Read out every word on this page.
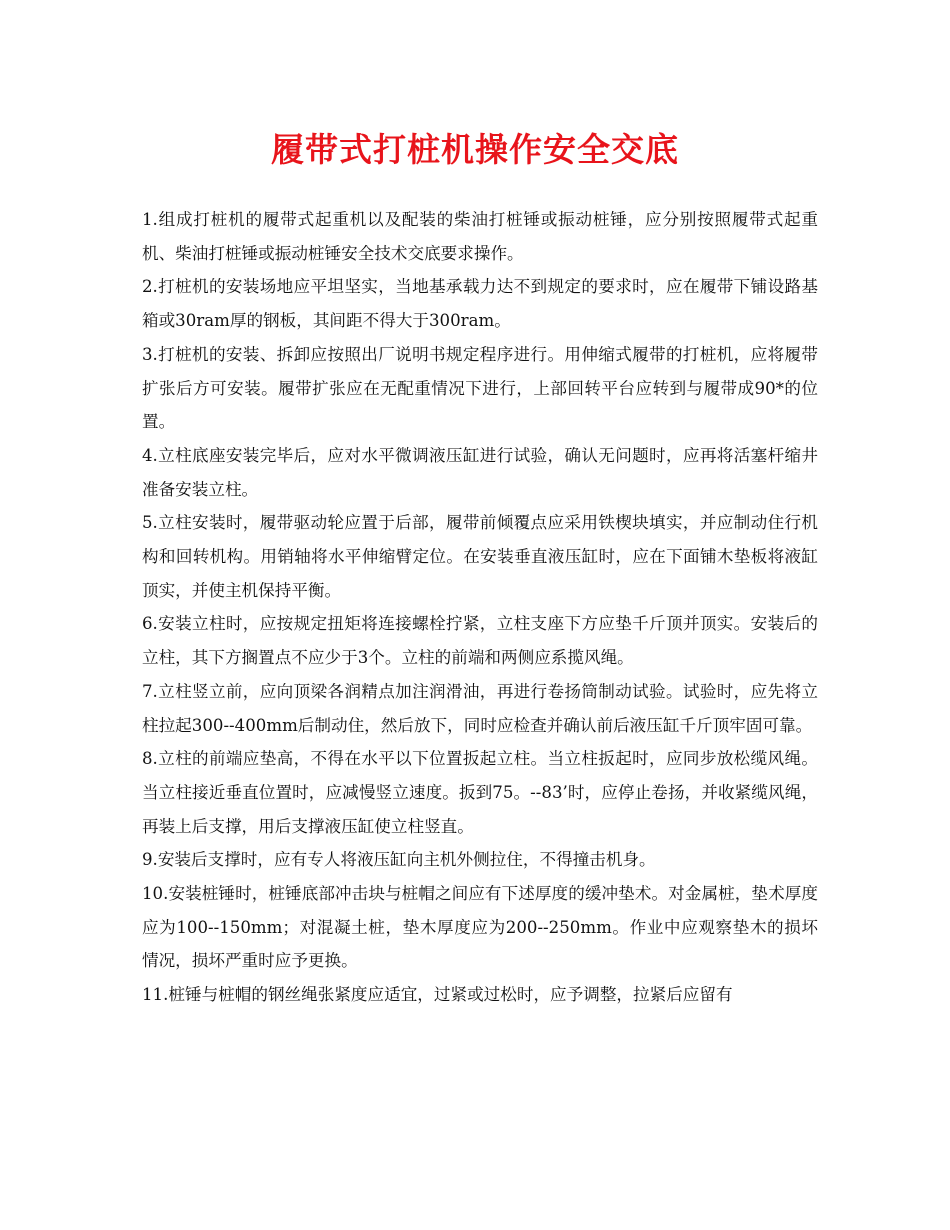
履带式打桩机操作安全交底

1.组成打桩机的履带式起重机以及配装的柴油打桩锤或振动桩锤，应分别按照履带式起重机、柴油打桩锤或振动桩锤安全技术交底要求操作。

2.打桩机的安装场地应平坦坚实，当地基承载力达不到规定的要求时，应在履带下铺设路基箱或30ram厚的钢板，其间距不得大于300ram。

3.打桩机的安装、拆卸应按照出厂说明书规定程序进行。用伸缩式履带的打桩机，应将履带扩张后方可安装。履带扩张应在无配重情况下进行，上部回转平台应转到与履带成90*的位置。

4.立柱底座安装完毕后，应对水平微调液压缸进行试验，确认无问题时，应再将活塞杆缩井准备安装立柱。

5.立柱安装时，履带驱动轮应置于后部，履带前倾覆点应采用铁楔块填实，并应制动住行机构和回转机构。用销轴将水平伸缩臂定位。在安装垂直液压缸时，应在下面铺木垫板将液缸顶实，并使主机保持平衡。

6.安装立柱时，应按规定扭矩将连接螺栓拧紧，立柱支座下方应垫千斤顶并顶实。安装后的立柱，其下方搁置点不应少于3个。立柱的前端和两侧应系揽风绳。

7.立柱竖立前，应向顶梁各润精点加注润滑油，再进行卷扬筒制动试验。试验时，应先将立柱拉起300--400mm后制动住，然后放下，同时应检查并确认前后液压缸千斤顶牢固可靠。

8.立柱的前端应垫高，不得在水平以下位置扳起立柱。当立柱扳起时，应同步放松缆风绳。当立柱接近垂直位置时，应减慢竖立速度。扳到75。--83’时，应停止卷扬，并收紧缆风绳，再装上后支撑，用后支撑液压缸使立柱竖直。

9.安装后支撑时，应有专人将液压缸向主机外侧拉住，不得撞击机身。

10.安装桩锤时，桩锤底部冲击块与桩帽之间应有下述厚度的缓冲垫术。对金属桩，垫术厚度应为100--150mm；对混凝土桩，垫木厚度应为200--250mm。作业中应观察垫木的损坏情况，损坏严重时应予更换。

11.桩锤与桩帽的钢丝绳张紧度应适宜，过紧或过松时，应予调整，拉紧后应留有
